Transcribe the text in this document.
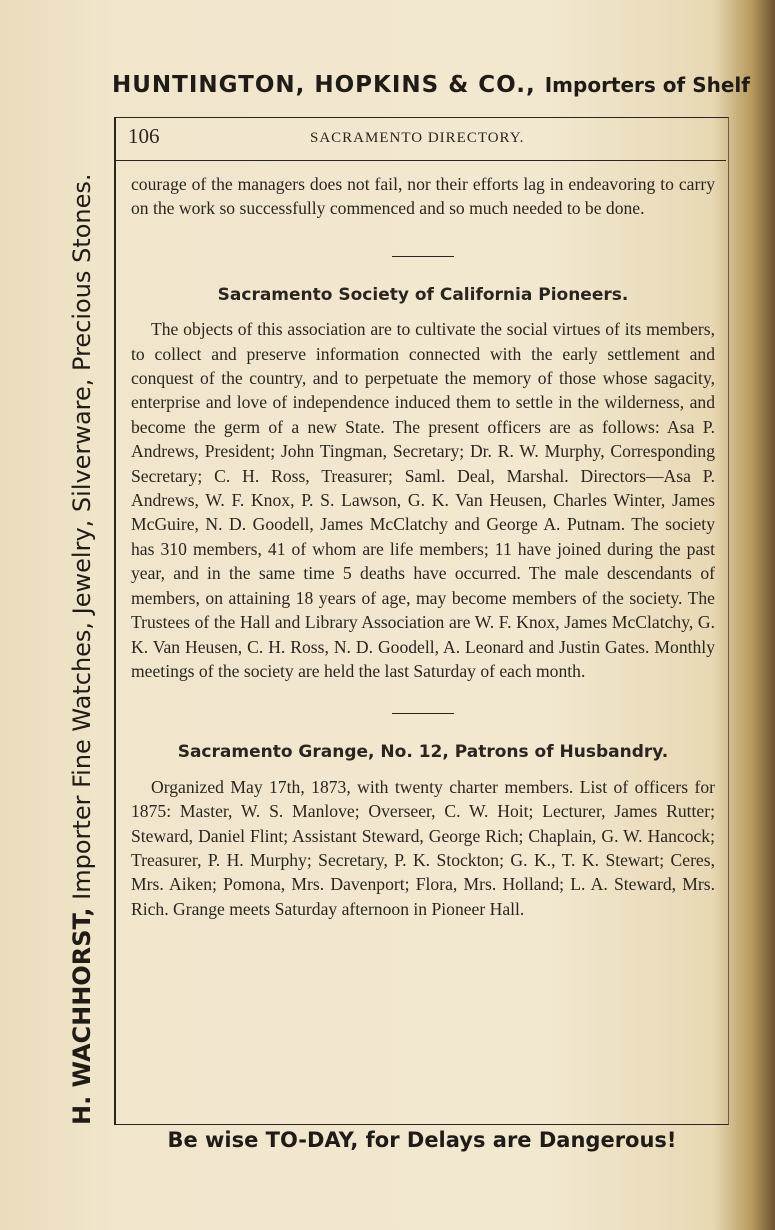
HUNTINGTON, HOPKINS & CO., Importers of Shelf
H. WACHHORST, Importer Fine Watches, Jewelry, Silverware, Precious Stones.
106	SACRAMENTO DIRECTORY.

courage of the managers does not fail, nor their efforts lag in endeavoring to carry on the work so successfully commenced and so much needed to be done.

Sacramento Society of California Pioneers.

The objects of this association are to cultivate the social virtues of its members, to collect and preserve information connected with the early settlement and conquest of the country, and to perpetuate the memory of those whose sagacity, enterprise and love of independence induced them to settle in the wilderness, and become the germ of a new State. The present officers are as follows: Asa P. Andrews, President; John Tingman, Secretary; Dr. R. W. Murphy, Corresponding Secretary; C. H. Ross, Treasurer; Saml. Deal, Marshal. Directors—Asa P. Andrews, W. F. Knox, P. S. Lawson, G. K. Van Heusen, Charles Winter, James McGuire, N. D. Goodell, James McClatchy and George A. Putnam. The society has 310 members, 41 of whom are life members; 11 have joined during the past year, and in the same time 5 deaths have occurred. The male descendants of members, on attaining 18 years of age, may become members of the society. The Trustees of the Hall and Library Association are W. F. Knox, James McClatchy, G. K. Van Heusen, C. H. Ross, N. D. Goodell, A. Leonard and Justin Gates. Monthly meetings of the society are held the last Saturday of each month.

Sacramento Grange, No. 12, Patrons of Husbandry.

Organized May 17th, 1873, with twenty charter members. List of officers for 1875: Master, W. S. Manlove; Overseer, C. W. Hoit; Lecturer, James Rutter; Steward, Daniel Flint; Assistant Steward, George Rich; Chaplain, G. W. Hancock; Treasurer, P. H. Murphy; Secretary, P. K. Stockton; G. K., T. K. Stewart; Ceres, Mrs. Aiken; Pomona, Mrs. Davenport; Flora, Mrs. Holland; L. A. Steward, Mrs. Rich. Grange meets Saturday afternoon in Pioneer Hall.

Be wise TO-DAY, for Delays are Dangerous!
